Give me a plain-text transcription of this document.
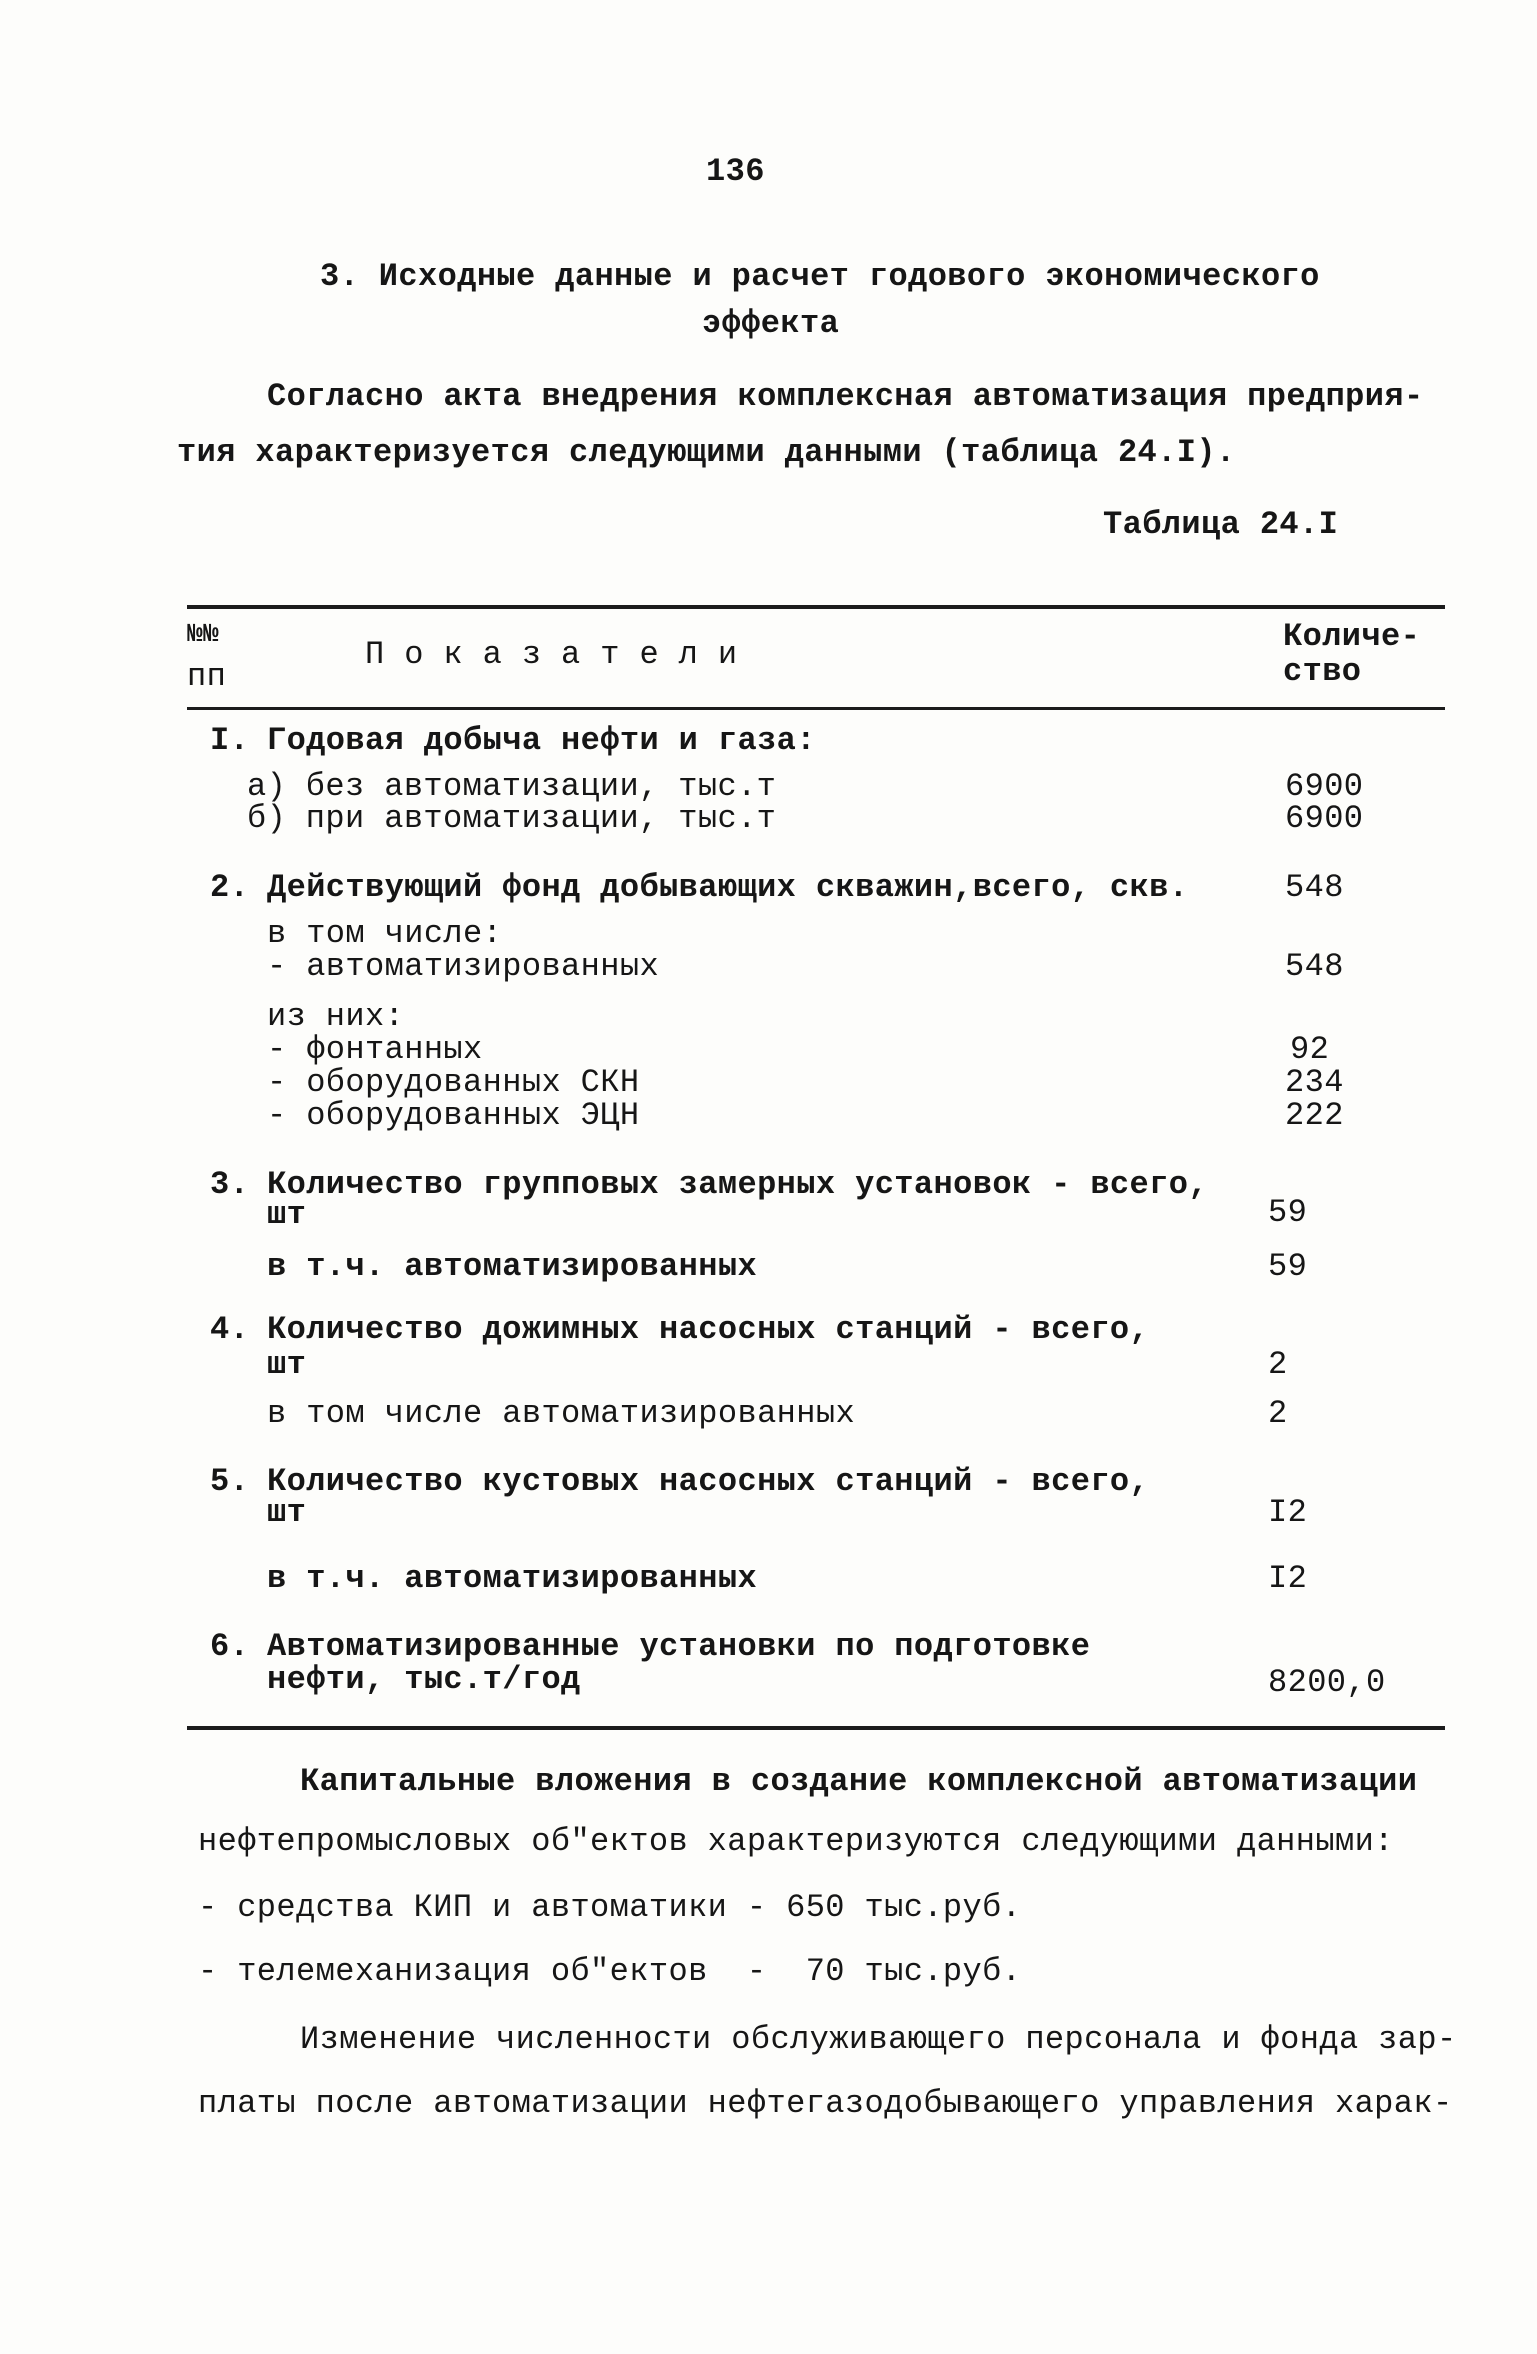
136
3. Исходные данные и расчет годового экономического
эффекта
Согласно акта внедрения комплексная автоматизация предприя-
тия характеризуется следующими данными (таблица 24.I).
Таблица 24.I
№№
пп
П о к а з а т е л и	Количе-
ство
I. Годовая добыча нефти и газа:
а) без автоматизации, тыс.т	6900
б) при автоматизации, тыс.т	6900
2. Действующий фонд добывающих скважин,всего, скв.	548
в том числе:
- автоматизированных	548
из них:
- фонтанных	92
- оборудованных СКН	234
- оборудованных ЭЦН	222
3. Количество групповых замерных установок - всего,
шт	59
в т.ч. автоматизированных	59
4. Количество дожимных насосных станций - всего,
шт	2
в том числе автоматизированных	2
5. Количество кустовых насосных станций - всего,
шт	I2
в т.ч. автоматизированных	I2
6. Автоматизированные установки по подготовке
нефти, тыс.т/год	8200,0
Капитальные вложения в создание комплексной автоматизации
нефтепромысловых об"ектов характеризуются следующими данными:
- средства КИП и автоматики - 650 тыс.руб.
- телемеханизация об"ектов  -  70 тыс.руб.
Изменение численности обслуживающего персонала и фонда зар-
платы после автоматизации нефтегазодобывающего управления харак-
